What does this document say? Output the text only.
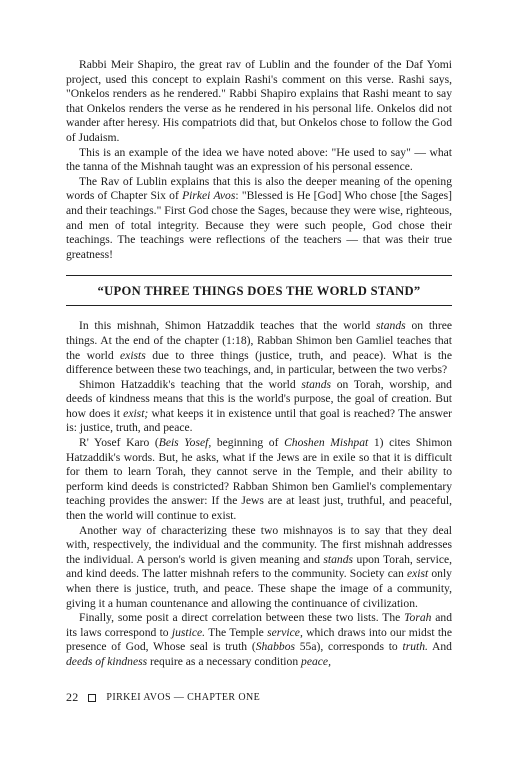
Rabbi Meir Shapiro, the great rav of Lublin and the founder of the Daf Yomi project, used this concept to explain Rashi's comment on this verse. Rashi says, "Onkelos renders as he rendered." Rabbi Shapiro explains that Rashi meant to say that Onkelos renders the verse as he rendered in his personal life. Onkelos did not wander after heresy. His compatriots did that, but Onkelos chose to follow the God of Judaism.

This is an example of the idea we have noted above: "He used to say" — what the tanna of the Mishnah taught was an expression of his personal essence.

The Rav of Lublin explains that this is also the deeper meaning of the opening words of Chapter Six of Pirkei Avos: "Blessed is He [God] Who chose [the Sages] and their teachings." First God chose the Sages, because they were wise, righteous, and men of total integrity. Because they were such people, God chose their teachings. The teachings were reflections of the teachers — that was their true greatness!

“UPON THREE THINGS DOES THE WORLD STAND”

In this mishnah, Shimon Hatzaddik teaches that the world stands on three things. At the end of the chapter (1:18), Rabban Shimon ben Gamliel teaches that the world exists due to three things (justice, truth, and peace). What is the difference between these two teachings, and, in particular, between the two verbs?

Shimon Hatzaddik's teaching that the world stands on Torah, worship, and deeds of kindness means that this is the world's purpose, the goal of creation. But how does it exist; what keeps it in existence until that goal is reached? The answer is: justice, truth, and peace.

R' Yosef Karo (Beis Yosef, beginning of Choshen Mishpat 1) cites Shimon Hatzaddik's words. But, he asks, what if the Jews are in exile so that it is difficult for them to learn Torah, they cannot serve in the Temple, and their ability to perform kind deeds is constricted? Rabban Shimon ben Gamliel's complementary teaching provides the answer: If the Jews are at least just, truthful, and peaceful, then the world will continue to exist.

Another way of characterizing these two mishnayos is to say that they deal with, respectively, the individual and the community. The first mishnah addresses the individual. A person's world is given meaning and stands upon Torah, service, and kind deeds. The latter mishnah refers to the community. Society can exist only when there is justice, truth, and peace. These shape the image of a community, giving it a human countenance and allowing the continuance of civilization.

Finally, some posit a direct correlation between these two lists. The Torah and its laws correspond to justice. The Temple service, which draws into our midst the presence of God, Whose seal is truth (Shabbos 55a), corresponds to truth. And deeds of kindness require as a necessary condition peace,

22	PIRKEI AVOS — CHAPTER ONE
